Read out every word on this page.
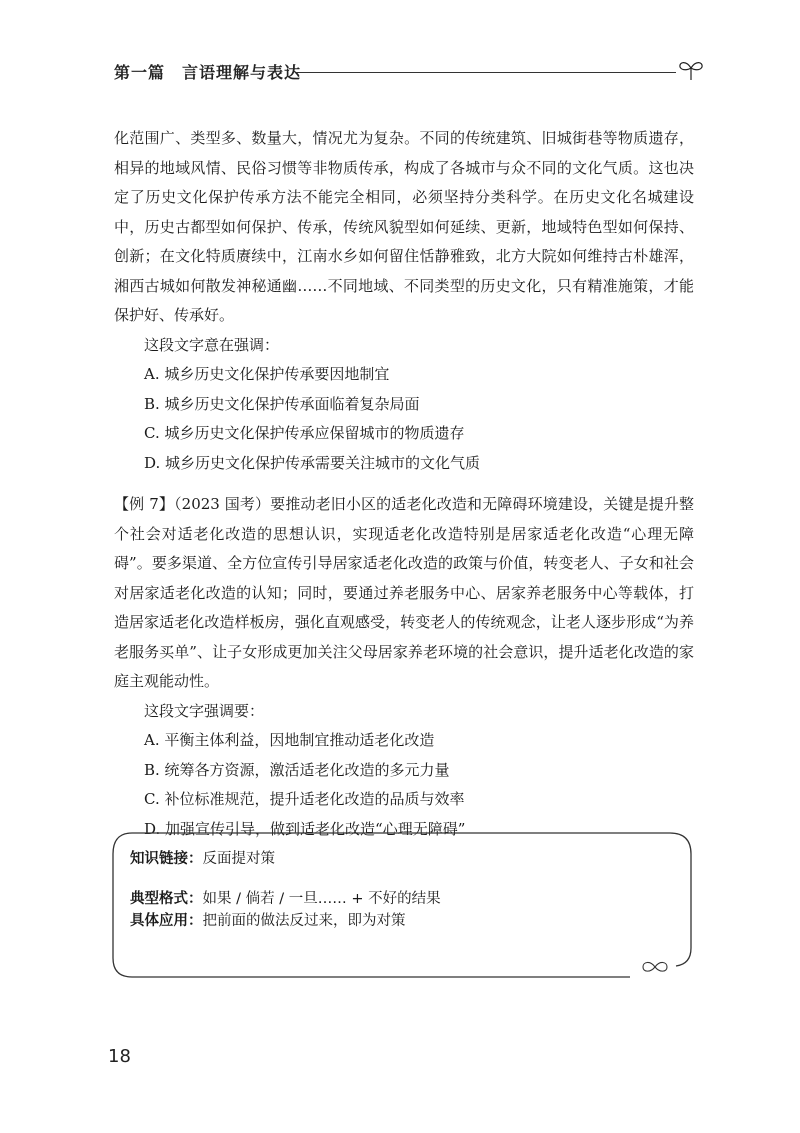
第一篇　言语理解与表达

化范围广、类型多、数量大，情况尤为复杂。不同的传统建筑、旧城街巷等物质遗存，相异的地域风情、民俗习惯等非物质传承，构成了各城市与众不同的文化气质。这也决定了历史文化保护传承方法不能完全相同，必须坚持分类科学。在历史文化名城建设中，历史古都型如何保护、传承，传统风貌型如何延续、更新，地域特色型如何保持、创新；在文化特质赓续中，江南水乡如何留住恬静雅致，北方大院如何维持古朴雄浑，湘西古城如何散发神秘通幽……不同地域、不同类型的历史文化，只有精准施策，才能保护好、传承好。

这段文字意在强调：

A. 城乡历史文化保护传承要因地制宜

B. 城乡历史文化保护传承面临着复杂局面

C. 城乡历史文化保护传承应保留城市的物质遗存

D. 城乡历史文化保护传承需要关注城市的文化气质

【例 7】（2023 国考）要推动老旧小区的适老化改造和无障碍环境建设，关键是提升整个社会对适老化改造的思想认识，实现适老化改造特别是居家适老化改造“心理无障碍”。要多渠道、全方位宣传引导居家适老化改造的政策与价值，转变老人、子女和社会对居家适老化改造的认知；同时，要通过养老服务中心、居家养老服务中心等载体，打造居家适老化改造样板房，强化直观感受，转变老人的传统观念，让老人逐步形成“为养老服务买单”、让子女形成更加关注父母居家养老环境的社会意识，提升适老化改造的家庭主观能动性。

这段文字强调要：

A. 平衡主体利益，因地制宜推动适老化改造

B. 统筹各方资源，激活适老化改造的多元力量

C. 补位标准规范，提升适老化改造的品质与效率

D. 加强宣传引导，做到适老化改造“心理无障碍”

知识链接：反面提对策

典型格式：如果 / 倘若 / 一旦…… + 不好的结果

具体应用：把前面的做法反过来，即为对策

18
